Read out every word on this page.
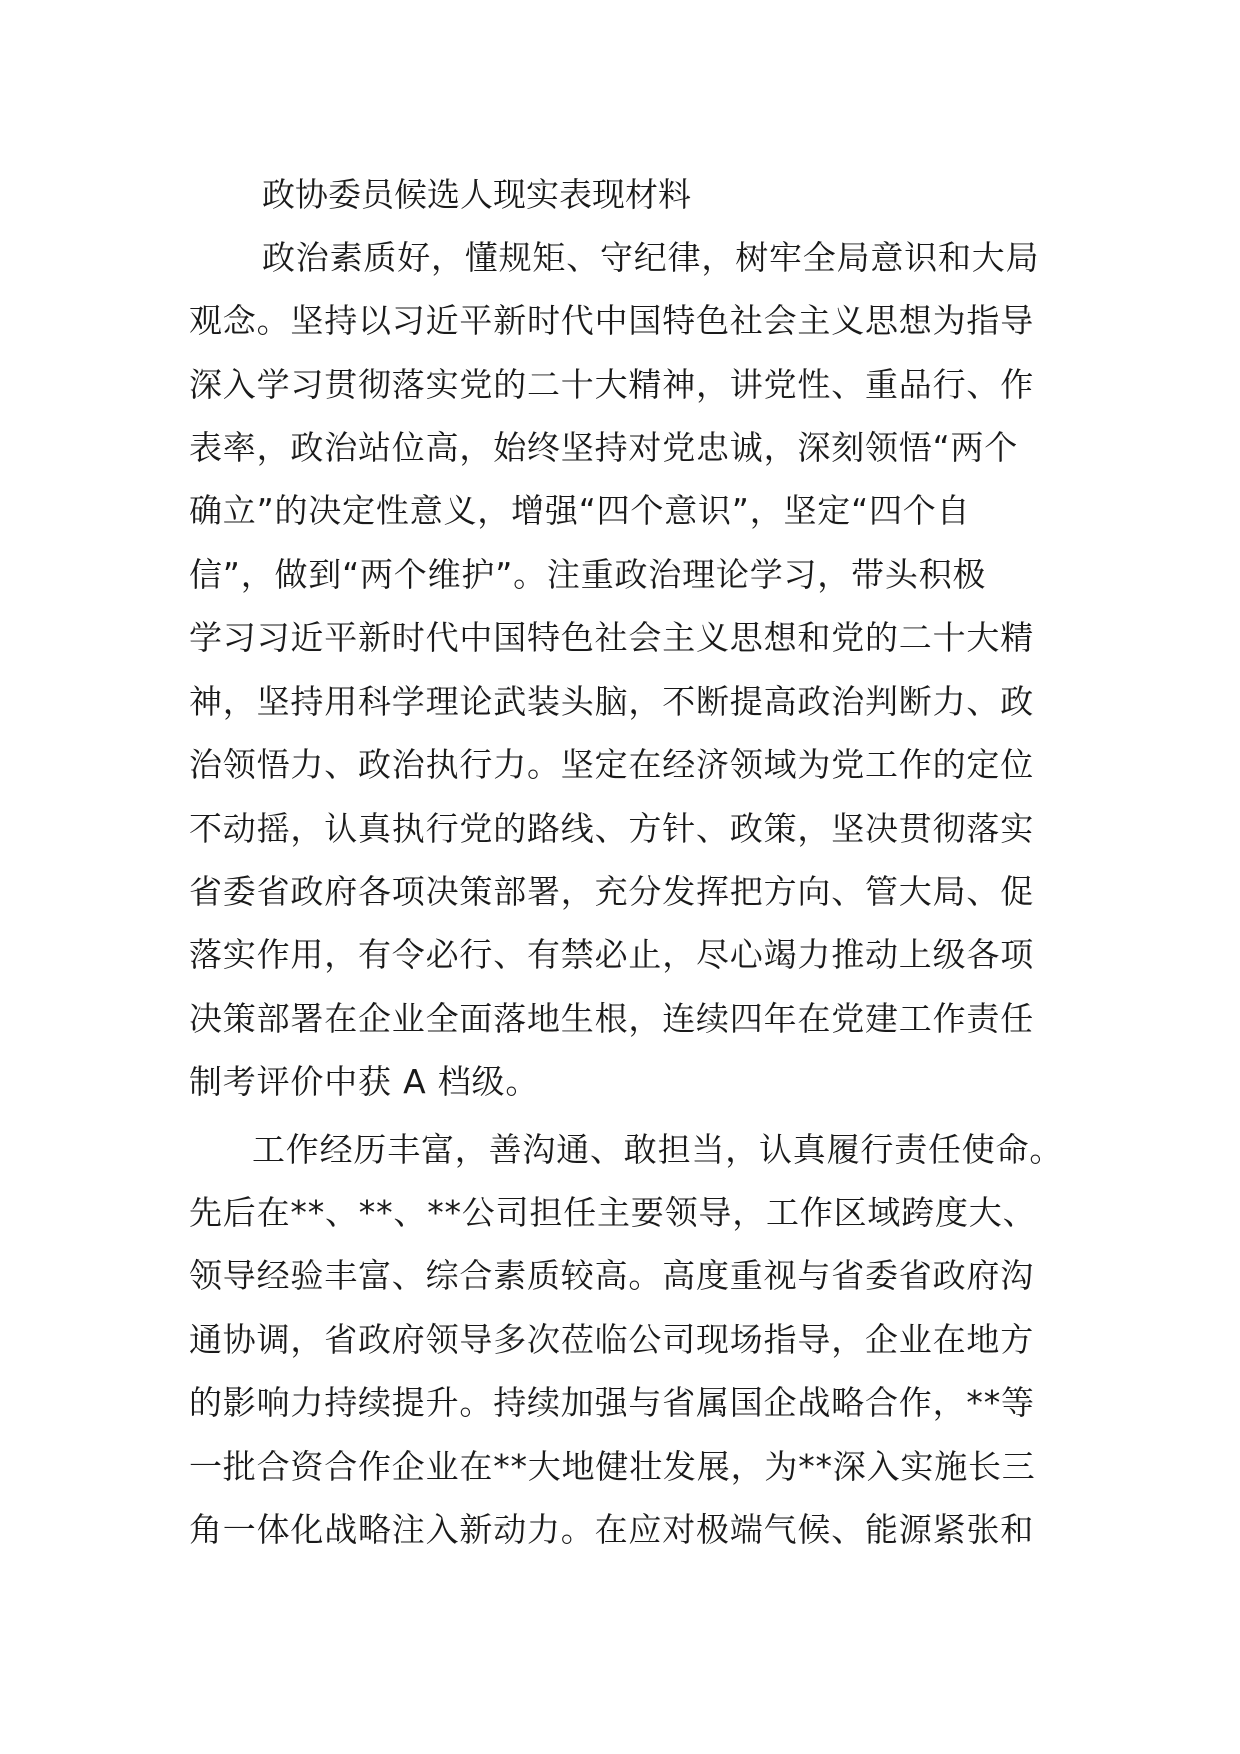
政协委员候选人现实表现材料
政治素质好，懂规矩、守纪律，树牢全局意识和大局
观念。坚持以习近平新时代中国特色社会主义思想为指导
深入学习贯彻落实党的二十大精神，讲党性、重品行、作
表率，政治站位高，始终坚持对党忠诚，深刻领悟“两个
确立”的决定性意义，增强“四个意识”，坚定“四个自
信”，做到“两个维护”。注重政治理论学习，带头积极
学习习近平新时代中国特色社会主义思想和党的二十大精
神，坚持用科学理论武装头脑，不断提高政治判断力、政
治领悟力、政治执行力。坚定在经济领域为党工作的定位
不动摇，认真执行党的路线、方针、政策，坚决贯彻落实
省委省政府各项决策部署，充分发挥把方向、管大局、促
落实作用，有令必行、有禁必止，尽心竭力推动上级各项
决策部署在企业全面落地生根，连续四年在党建工作责任
制考评价中获 A 档级。
工作经历丰富，善沟通、敢担当，认真履行责任使命。
先后在**、**、**公司担任主要领导，工作区域跨度大、
领导经验丰富、综合素质较高。高度重视与省委省政府沟
通协调，省政府领导多次莅临公司现场指导，企业在地方
的影响力持续提升。持续加强与省属国企战略合作，**等
一批合资合作企业在**大地健壮发展，为**深入实施长三
角一体化战略注入新动力。在应对极端气候、能源紧张和
